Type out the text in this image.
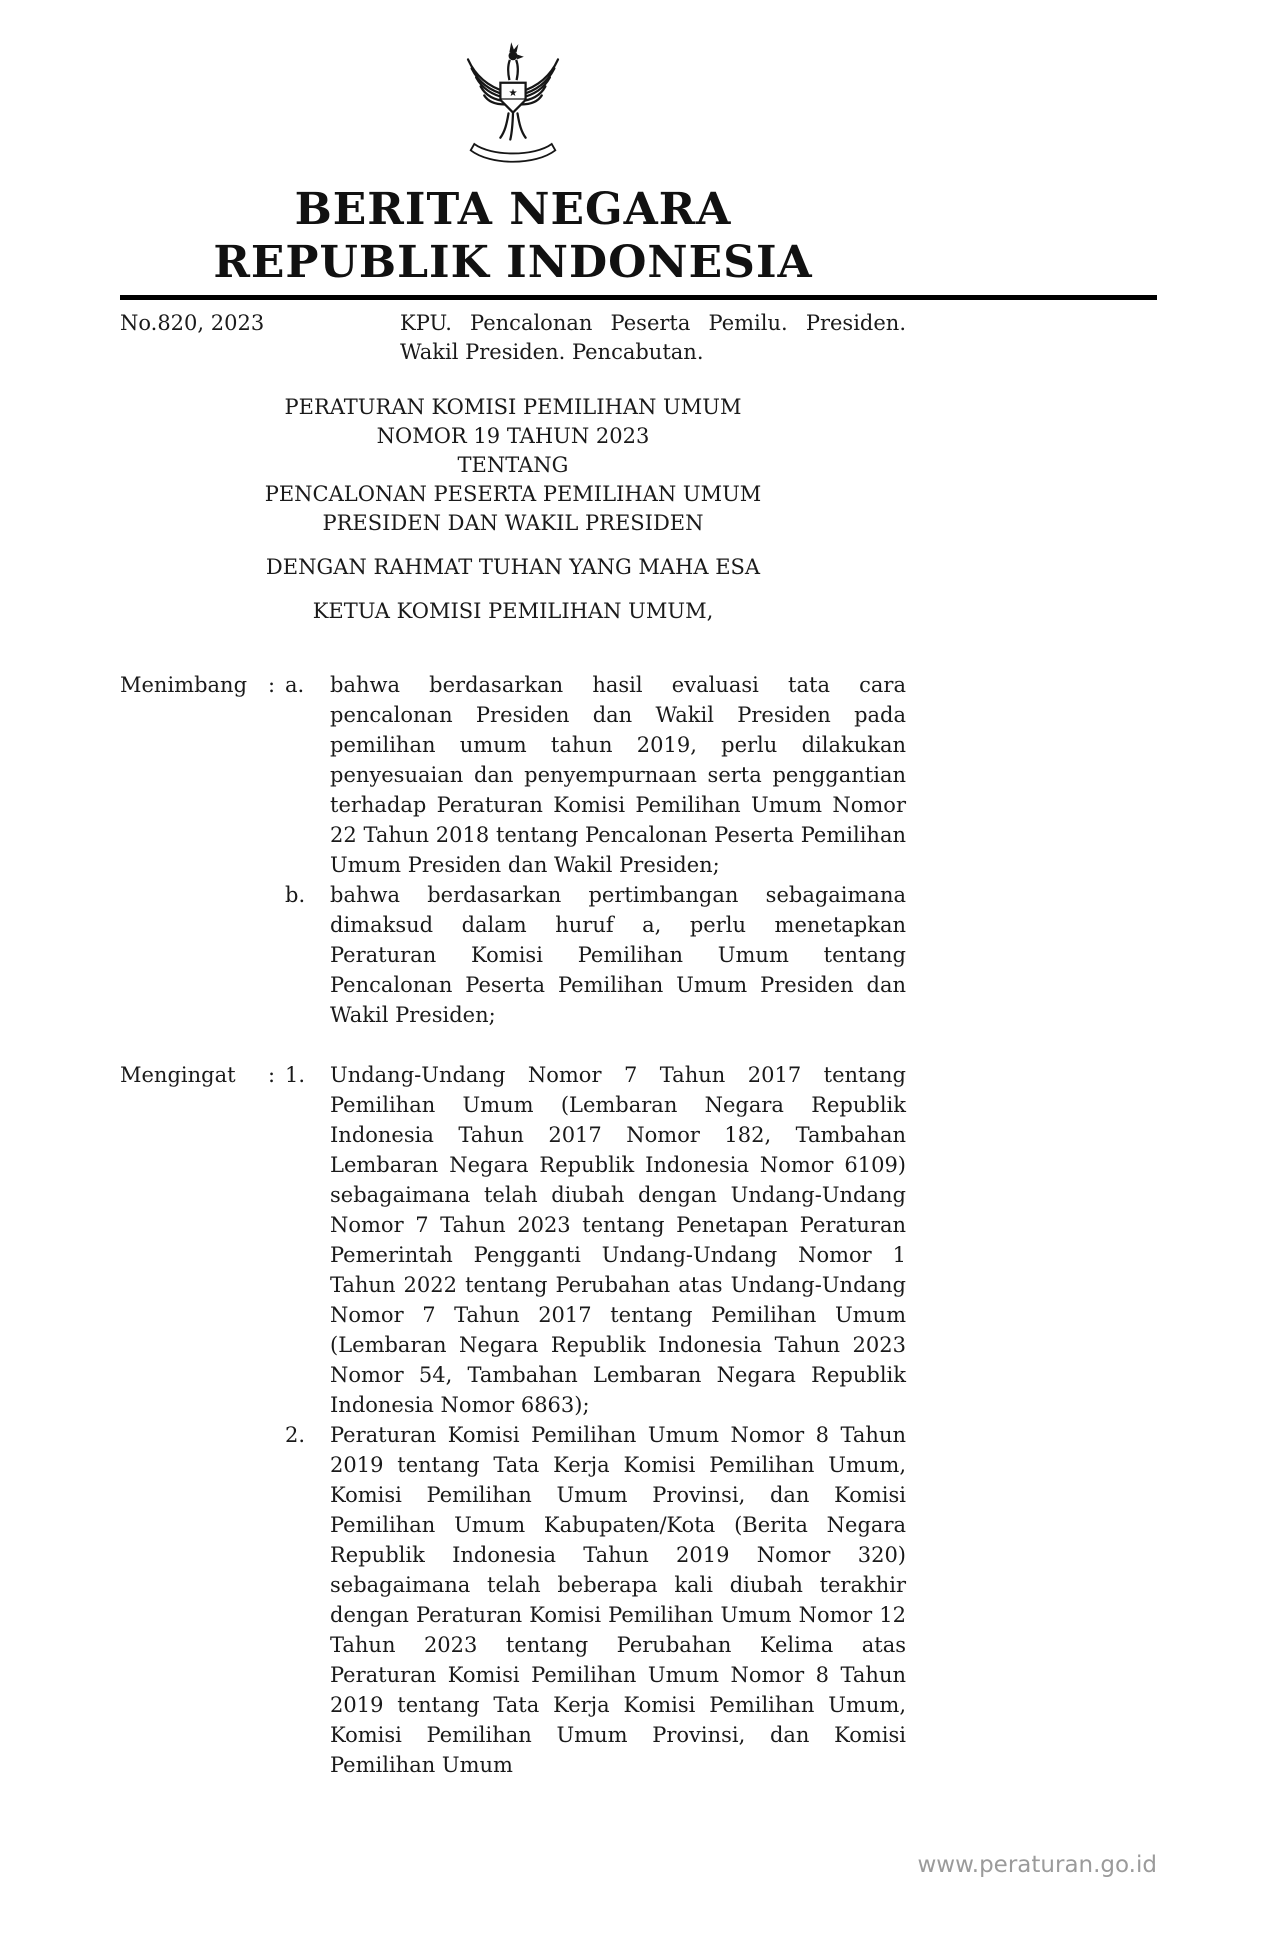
BERITA NEGARA
REPUBLIK INDONESIA
No.820, 2023	KPU. Pencalonan Peserta Pemilu. Presiden. Wakil Presiden. Pencabutan.
PERATURAN KOMISI PEMILIHAN UMUM
NOMOR 19 TAHUN 2023
TENTANG
PENCALONAN PESERTA PEMILIHAN UMUM
PRESIDEN DAN WAKIL PRESIDEN
DENGAN RAHMAT TUHAN YANG MAHA ESA
KETUA KOMISI PEMILIHAN UMUM,
Menimbang : a.	bahwa berdasarkan hasil evaluasi tata cara pencalonan Presiden dan Wakil Presiden pada pemilihan umum tahun 2019, perlu dilakukan penyesuaian dan penyempurnaan serta penggantian terhadap Peraturan Komisi Pemilihan Umum Nomor 22 Tahun 2018 tentang Pencalonan Peserta Pemilihan Umum Presiden dan Wakil Presiden;
b.	bahwa berdasarkan pertimbangan sebagaimana dimaksud dalam huruf a, perlu menetapkan Peraturan Komisi Pemilihan Umum tentang Pencalonan Peserta Pemilihan Umum Presiden dan Wakil Presiden;
Mengingat	: 1.	Undang-Undang Nomor 7 Tahun 2017 tentang Pemilihan Umum (Lembaran Negara Republik Indonesia Tahun 2017 Nomor 182, Tambahan Lembaran Negara Republik Indonesia Nomor 6109) sebagaimana telah diubah dengan Undang-Undang Nomor 7 Tahun 2023 tentang Penetapan Peraturan Pemerintah Pengganti Undang-Undang Nomor 1 Tahun 2022 tentang Perubahan atas Undang-Undang Nomor 7 Tahun 2017 tentang Pemilihan Umum (Lembaran Negara Republik Indonesia Tahun 2023 Nomor 54, Tambahan Lembaran Negara Republik Indonesia Nomor 6863);
2.	Peraturan Komisi Pemilihan Umum Nomor 8 Tahun 2019 tentang Tata Kerja Komisi Pemilihan Umum, Komisi Pemilihan Umum Provinsi, dan Komisi Pemilihan Umum Kabupaten/Kota (Berita Negara Republik Indonesia Tahun 2019 Nomor 320) sebagaimana telah beberapa kali diubah terakhir dengan Peraturan Komisi Pemilihan Umum Nomor 12 Tahun 2023 tentang Perubahan Kelima atas Peraturan Komisi Pemilihan Umum Nomor 8 Tahun 2019 tentang Tata Kerja Komisi Pemilihan Umum, Komisi Pemilihan Umum Provinsi, dan Komisi Pemilihan Umum
www.peraturan.go.id
